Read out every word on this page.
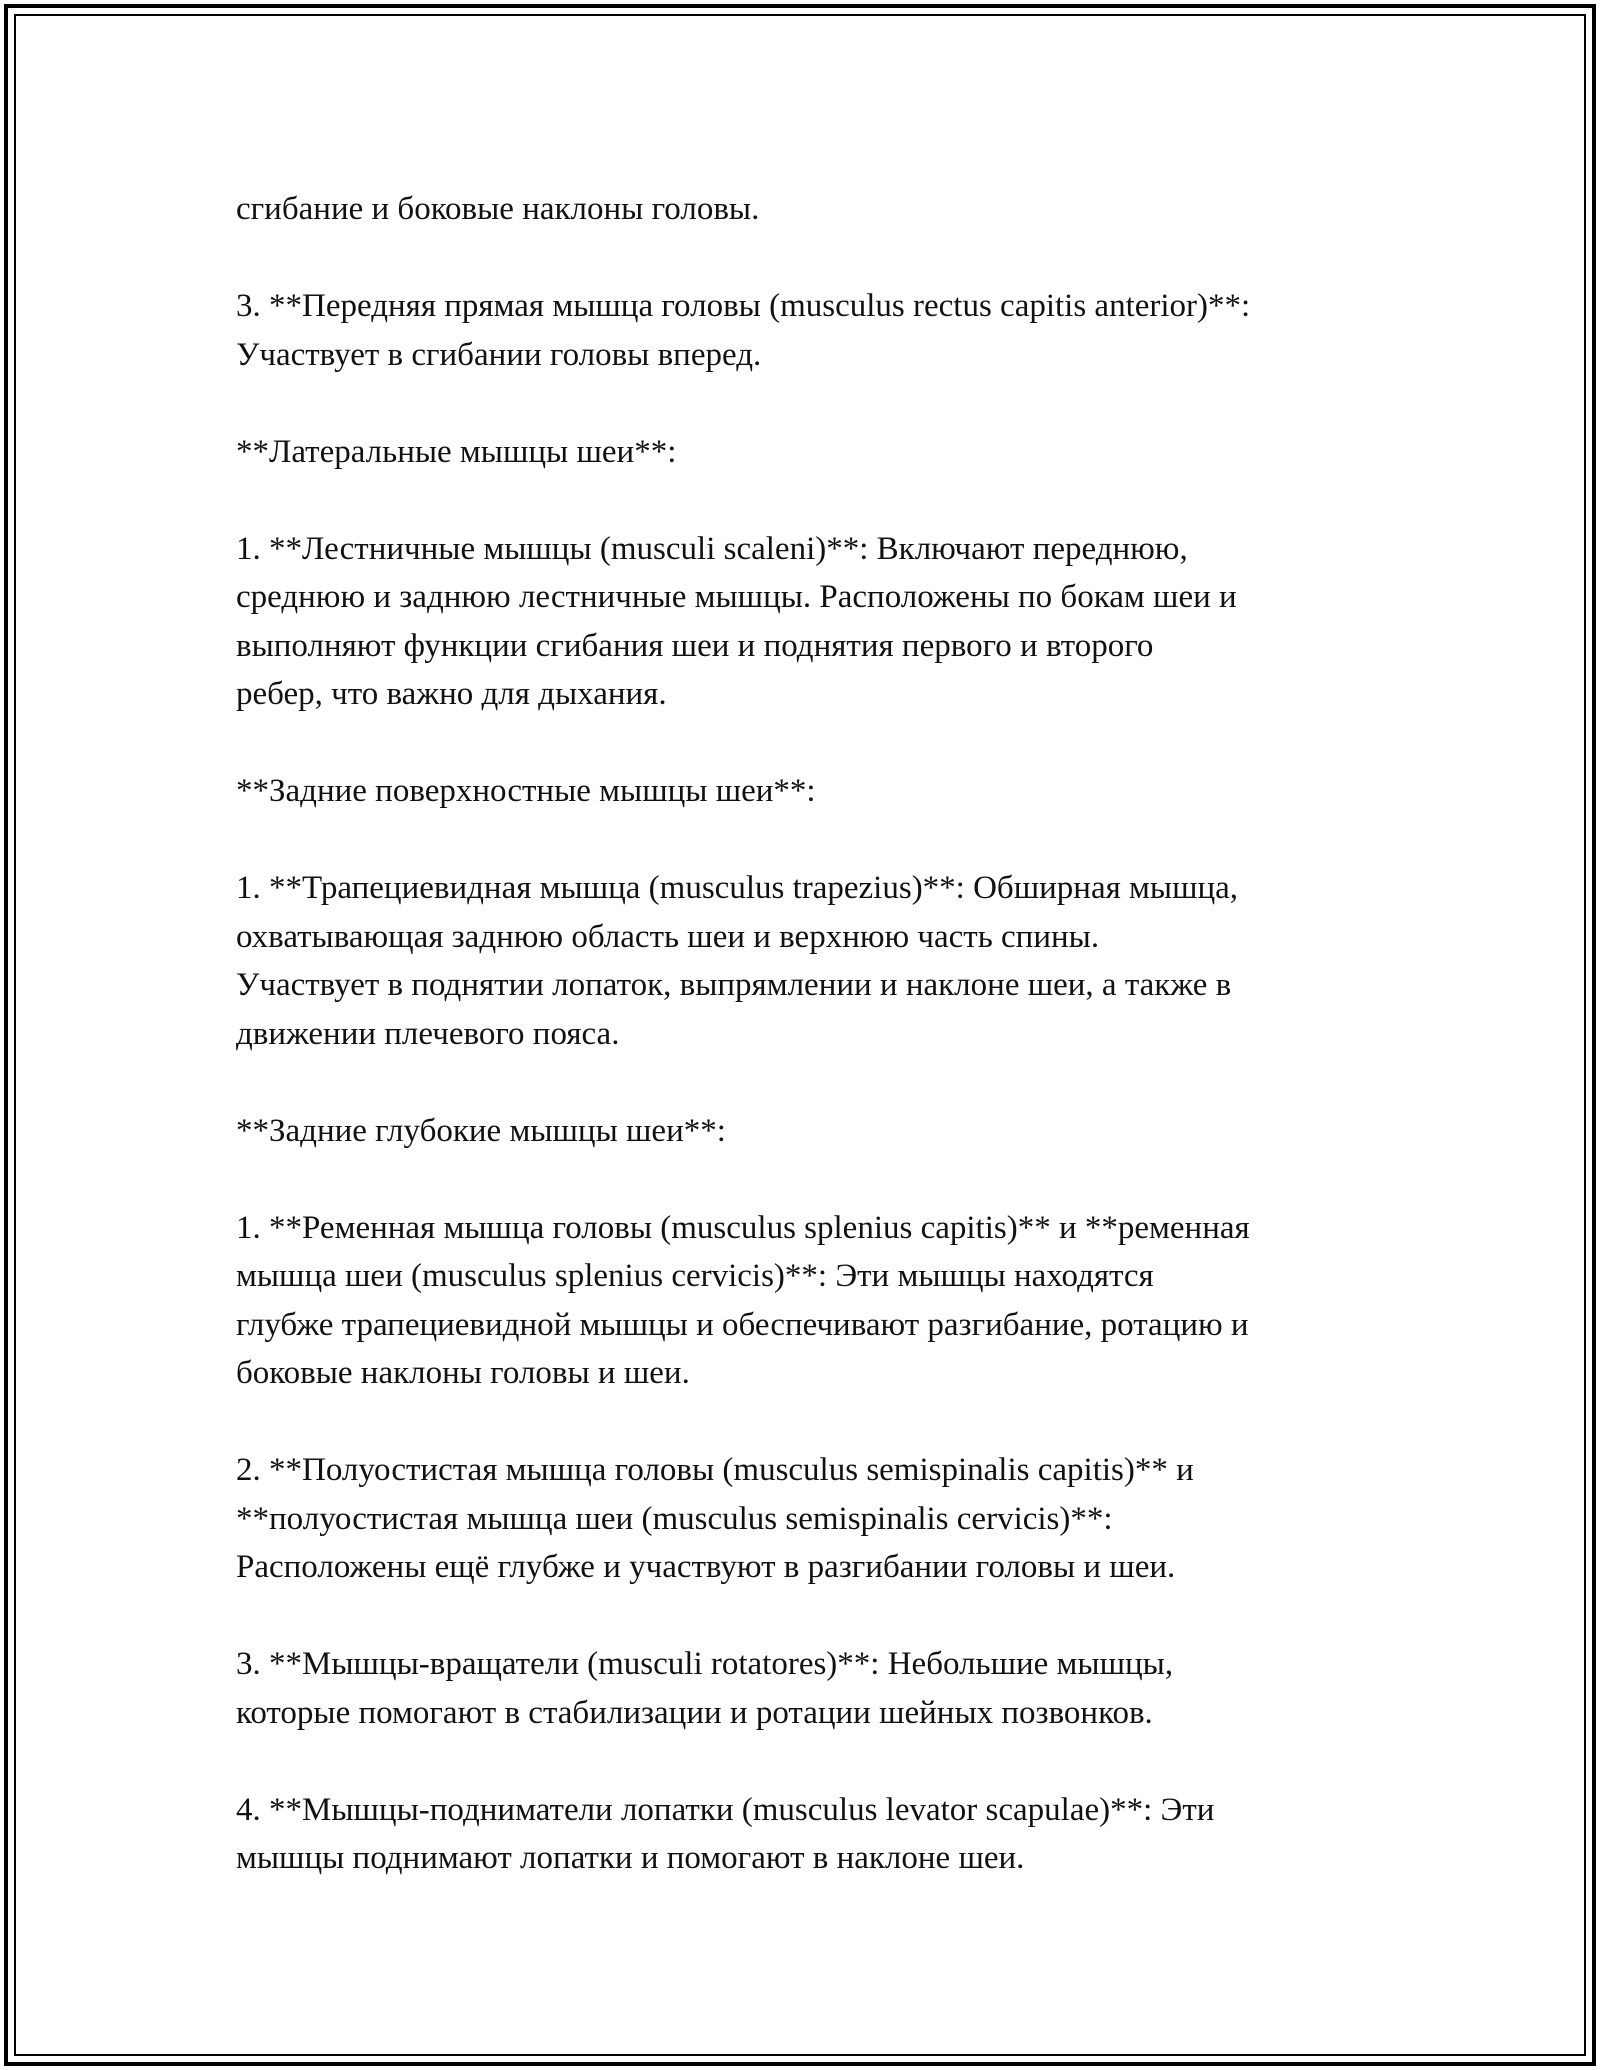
сгибание и боковые наклоны головы.

3. **Передняя прямая мышца головы (musculus rectus capitis anterior)**:
Участвует в сгибании головы вперед.

**Латеральные мышцы шеи**:

1. **Лестничные мышцы (musculi scaleni)**: Включают переднюю,
среднюю и заднюю лестничные мышцы. Расположены по бокам шеи и
выполняют функции сгибания шеи и поднятия первого и второго
ребер, что важно для дыхания.

**Задние поверхностные мышцы шеи**:

1. **Трапециевидная мышца (musculus trapezius)**: Обширная мышца,
охватывающая заднюю область шеи и верхнюю часть спины.
Участвует в поднятии лопаток, выпрямлении и наклоне шеи, а также в
движении плечевого пояса.

**Задние глубокие мышцы шеи**:

1. **Ременная мышца головы (musculus splenius capitis)** и **ременная
мышца шеи (musculus splenius cervicis)**: Эти мышцы находятся
глубже трапециевидной мышцы и обеспечивают разгибание, ротацию и
боковые наклоны головы и шеи.

2. **Полуостистая мышца головы (musculus semispinalis capitis)** и
**полуостистая мышца шеи (musculus semispinalis cervicis)**:
Расположены ещё глубже и участвуют в разгибании головы и шеи.

3. **Мышцы-вращатели (musculi rotatores)**: Небольшие мышцы,
которые помогают в стабилизации и ротации шейных позвонков.

4. **Мышцы-подниматели лопатки (musculus levator scapulae)**: Эти
мышцы поднимают лопатки и помогают в наклоне шеи.
